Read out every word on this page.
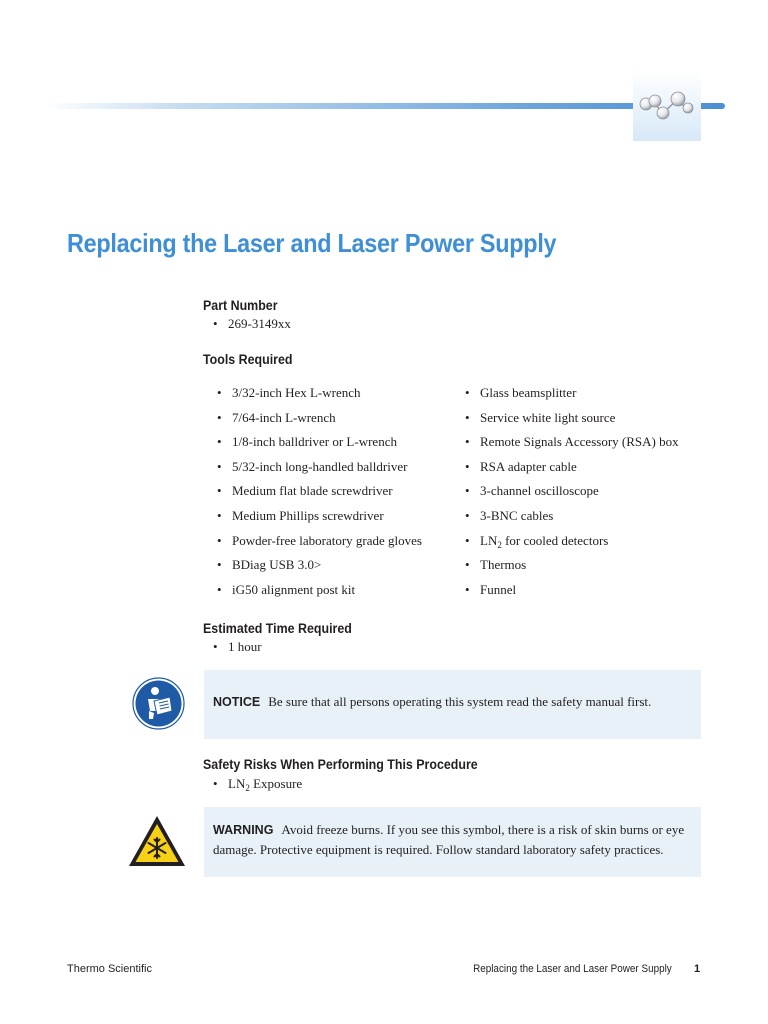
Replacing the Laser and Laser Power Supply
Part Number
• 269-3149xx
Tools Required
• 3/32-inch Hex L-wrench
• 7/64-inch L-wrench
• 1/8-inch balldriver or L-wrench
• 5/32-inch long-handled balldriver
• Medium flat blade screwdriver
• Medium Phillips screwdriver
• Powder-free laboratory grade gloves
• BDiag USB 3.0>
• iG50 alignment post kit
• Glass beamsplitter
• Service white light source
• Remote Signals Accessory (RSA) box
• RSA adapter cable
• 3-channel oscilloscope
• 3-BNC cables
• $LN_2$ for cooled detectors
• Thermos
• Funnel
Estimated Time Required
• 1 hour
NOTICE Be sure that all persons operating this system read the safety manual first.
Safety Risks When Performing This Procedure
• $LN_2$ Exposure
WARNING Avoid freeze burns. If you see this symbol, there is a risk of skin burns or eye damage. Protective equipment is required. Follow standard laboratory safety practices.
Thermo Scientific	Replacing the Laser and Laser Power Supply 1
